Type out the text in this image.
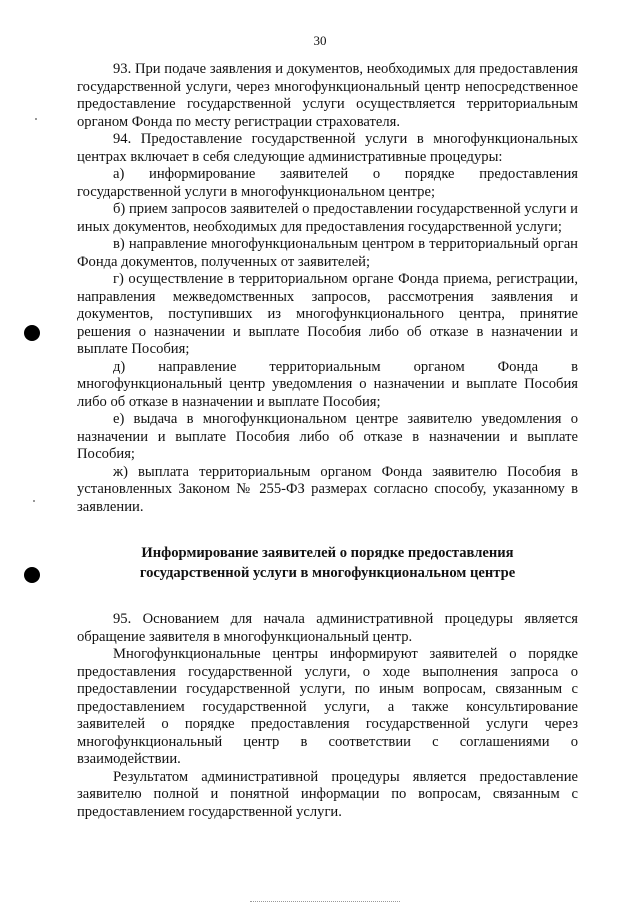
30

93. При подаче заявления и документов, необходимых для предоставления государственной услуги, через многофункциональный центр непосредственное предоставление государственной услуги осуществляется территориальным органом Фонда по месту регистрации страхователя.

94. Предоставление государственной услуги в многофункциональных центрах включает в себя следующие административные процедуры:

а) информирование заявителей о порядке предоставления государственной услуги в многофункциональном центре;

б) прием запросов заявителей о предоставлении государственной услуги и иных документов, необходимых для предоставления государственной услуги;

в) направление многофункциональным центром в территориальный орган Фонда документов, полученных от заявителей;

г) осуществление в территориальном органе Фонда приема, регистрации, направления межведомственных запросов, рассмотрения заявления и документов, поступивших из многофункционального центра, принятие решения о назначении и выплате Пособия либо об отказе в назначении и выплате Пособия;

д) направление территориальным органом Фонда в многофункциональный центр уведомления о назначении и выплате Пособия либо об отказе в назначении и выплате Пособия;

е) выдача в многофункциональном центре заявителю уведомления о назначении и выплате Пособия либо об отказе в назначении и выплате Пособия;

ж) выплата территориальным органом Фонда заявителю Пособия в установленных Законом № 255-ФЗ размерах согласно способу, указанному в заявлении.

Информирование заявителей о порядке предоставления
государственной услуги в многофункциональном центре

95. Основанием для начала административной процедуры является обращение заявителя в многофункциональный центр.

Многофункциональные центры информируют заявителей о порядке предоставления государственной услуги, о ходе выполнения запроса о предоставлении государственной услуги, по иным вопросам, связанным с предоставлением государственной услуги, а также консультирование заявителей о порядке предоставления государственной услуги через многофункциональный центр в соответствии с соглашениями о взаимодействии.

Результатом административной процедуры является предоставление заявителю полной и понятной информации по вопросам, связанным с предоставлением государственной услуги.
